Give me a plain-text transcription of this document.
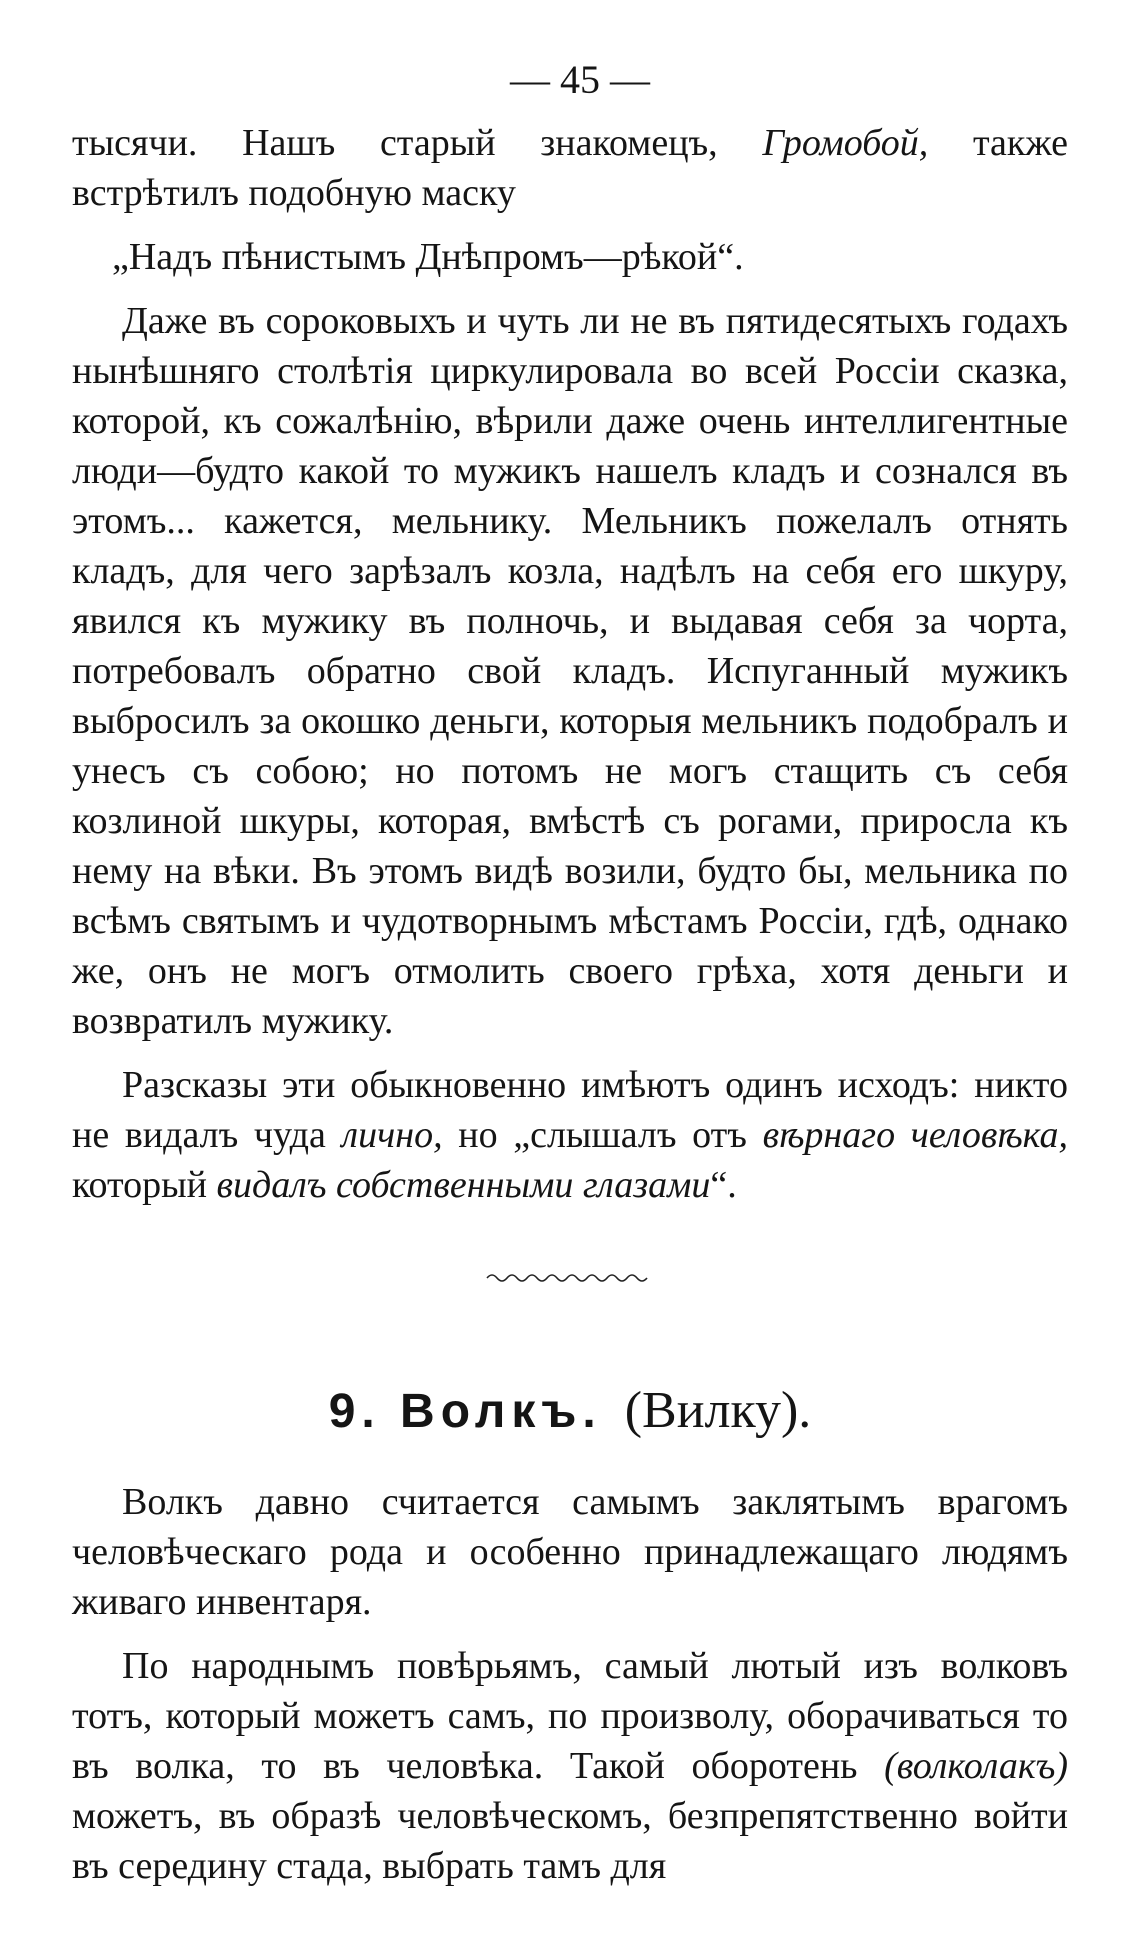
— 45 —

тысячи. Нашъ старый знакомецъ, Громобой, также встрѣтилъ подобную маску

„Надъ пѣнистымъ Днѣпромъ—рѣкой“.

Даже въ сороковыхъ и чуть ли не въ пятидесятыхъ годахъ нынѣшняго столѣтія циркулировала во всей Россіи сказка, которой, къ сожалѣнію, вѣрили даже очень интеллигентные люди—будто какой то мужикъ нашелъ кладъ и сознался въ этомъ... кажется, мельнику. Мельникъ пожелалъ отнять кладъ, для чего зарѣзалъ козла, надѣлъ на себя его шкуру, явился къ мужику въ полночь, и выдавая себя за чорта, потребовалъ обратно свой кладъ. Испуганный мужикъ выбросилъ за окошко деньги, которыя мельникъ подобралъ и унесъ съ собою; но потомъ не могъ стащить съ себя козлиной шкуры, которая, вмѣстѣ съ рогами, приросла къ нему на вѣки. Въ этомъ видѣ возили, будто бы, мельника по всѣмъ святымъ и чудотворнымъ мѣстамъ Россіи, гдѣ, однако же, онъ не могъ отмолить своего грѣха, хотя деньги и возвратилъ мужику.

Разсказы эти обыкновенно имѣютъ одинъ исходъ: никто не видалъ чуда лично, но „слышалъ отъ вѣрнаго человѣка, который видалъ собственными глазами“.

9. Волкъ. (Вилку).

Волкъ давно считается самымъ заклятымъ врагомъ человѣческаго рода и особенно принадлежащаго людямъ живаго инвентаря.

По народнымъ повѣрьямъ, самый лютый изъ волковъ тотъ, который можетъ самъ, по произволу, оборачиваться то въ волка, то въ человѣка. Такой оборотень (волколакъ) можетъ, въ образѣ человѣческомъ, безпрепятственно войти въ середину стада, выбрать тамъ для
